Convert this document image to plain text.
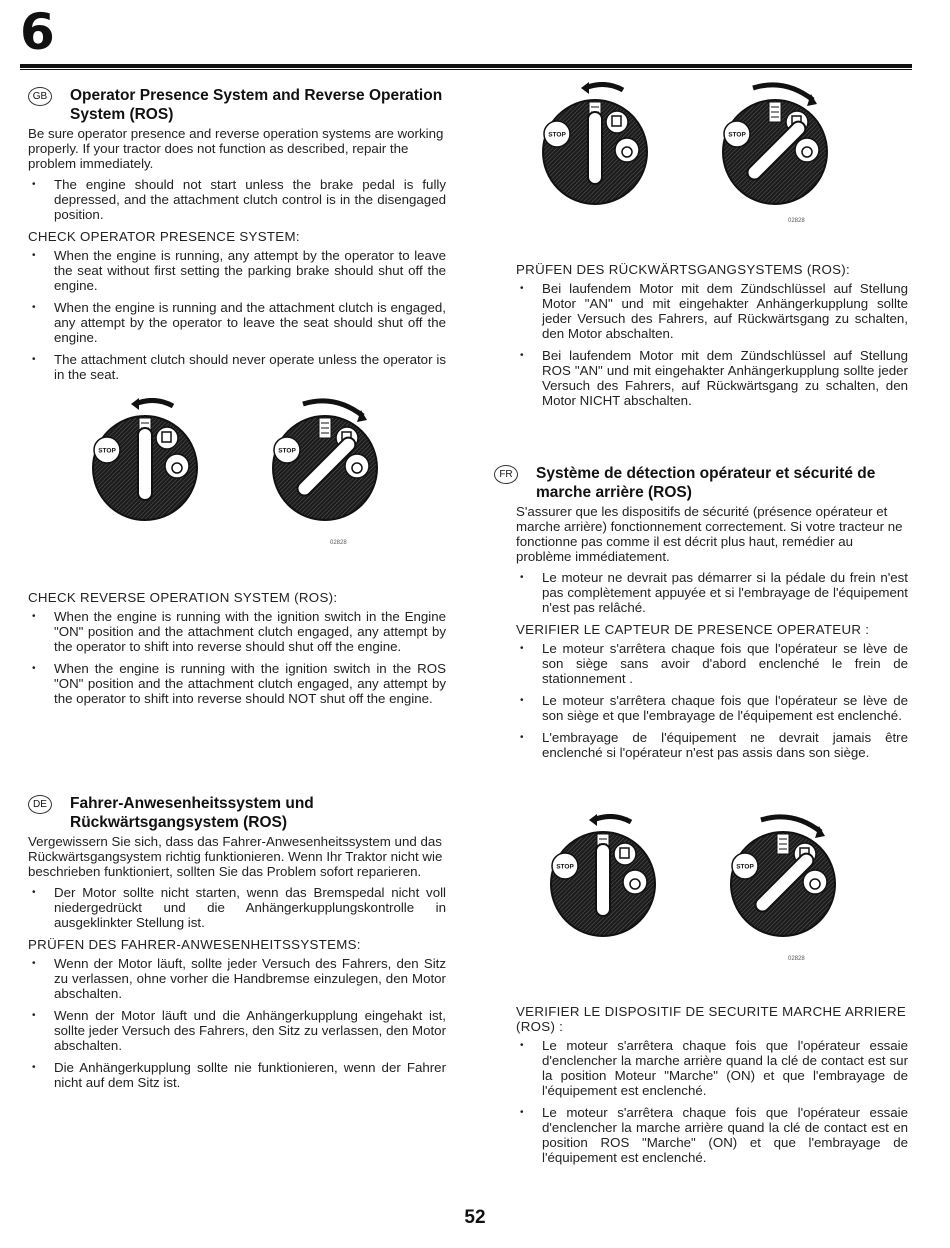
6
GB	Operator Presence System and Reverse Operation System (ROS)

Be sure operator presence and reverse operation systems are working properly. If your tractor does not function as described, repair the problem immediately.

• The engine should not start unless the brake pedal is fully depressed, and the attachment clutch control is in the disengaged position.
CHECK OPERATOR PRESENCE SYSTEM:
• When the engine is running, any attempt by the operator to leave the seat without first setting the parking brake should shut off the engine.
• When the engine is running and the attachment clutch is engaged, any attempt by the operator to leave the seat should shut off the engine.
• The attachment clutch should never operate unless the operator is in the seat.
02828
CHECK REVERSE OPERATION SYSTEM (ROS):
• When the engine is running with the ignition switch in the Engine "ON" position and the attachment clutch engaged, any attempt by the operator to shift into reverse should shut off the engine.
• When the engine is running with the ignition switch in the ROS "ON" position and the attachment clutch engaged, any attempt by the operator to shift into reverse should NOT shut off the engine.
DE	Fahrer-Anwesenheitssystem und Rückwärtsgangsystem (ROS)

Vergewissern Sie sich, dass das Fahrer-Anwesenheitssystem und das Rückwärtsgangsystem richtig funktionieren. Wenn Ihr Traktor nicht wie beschrieben funktioniert, sollten Sie das Problem sofort reparieren.

• Der Motor sollte nicht starten, wenn das Bremspedal nicht voll niedergedrückt und die Anhängerkupplungskontrolle in ausgeklinkter Stellung ist.
PRÜFEN DES FAHRER-ANWESENHEITSSYSTEMS:
• Wenn der Motor läuft, sollte jeder Versuch des Fahrers, den Sitz zu verlassen, ohne vorher die Handbremse einzulegen, den Motor abschalten.
• Wenn der Motor läuft und die Anhängerkupplung eingehakt ist, sollte jeder Versuch des Fahrers, den Sitz zu verlassen, den Motor abschalten.
• Die Anhängerkupplung sollte nie funktionieren, wenn der Fahrer nicht auf dem Sitz ist.
02828
PRÜFEN DES RÜCKWÄRTSGANGSYSTEMS (ROS):
• Bei laufendem Motor mit dem Zündschlüssel auf Stellung Motor "AN" und mit eingehakter Anhängerkupplung sollte jeder Versuch des Fahrers, auf Rückwärtsgang zu schalten, den Motor abschalten.
• Bei laufendem Motor mit dem Zündschlüssel auf Stellung ROS "AN" und mit eingehakter Anhängerkupplung sollte jeder Versuch des Fahrers, auf Rückwärtsgang zu schalten, den Motor NICHT abschalten.
FR	Système de détection opérateur et sécurité de marche arrière (ROS)

S'assurer que les dispositifs de sécurité (présence opérateur et marche arrière) fonctionnement correctement. Si votre tracteur ne fonctionne pas comme il est décrit plus haut, remédier au problème immédiatement.

• Le moteur ne devrait pas démarrer si la pédale du frein n'est pas complètement appuyée et si l'embrayage de l'équipement n'est pas relâché.
VERIFIER LE CAPTEUR DE PRESENCE OPERATEUR :
• Le moteur s'arrêtera chaque fois que l'opérateur se lève de son siège sans avoir d'abord enclenché le frein de stationnement .
• Le moteur s'arrêtera chaque fois que l'opérateur se lève de son siège et que l'embrayage de l'équipement est enclenché.
• L'embrayage de l'équipement ne devrait jamais être enclenché si l'opérateur n'est pas assis dans son siège.
02828
VERIFIER LE DISPOSITIF DE SECURITE MARCHE ARRIERE (ROS) :
• Le moteur s'arrêtera chaque fois que l'opérateur essaie d'enclencher la marche arrière quand la clé de contact est sur la position Moteur "Marche" (ON) et que l'embrayage de l'équipement est enclenché.
• Le moteur s'arrêtera chaque fois que l'opérateur essaie d'enclencher la marche arrière quand la clé de contact est en position ROS "Marche" (ON) et que l'embrayage de l'équipement est enclenché.
52
